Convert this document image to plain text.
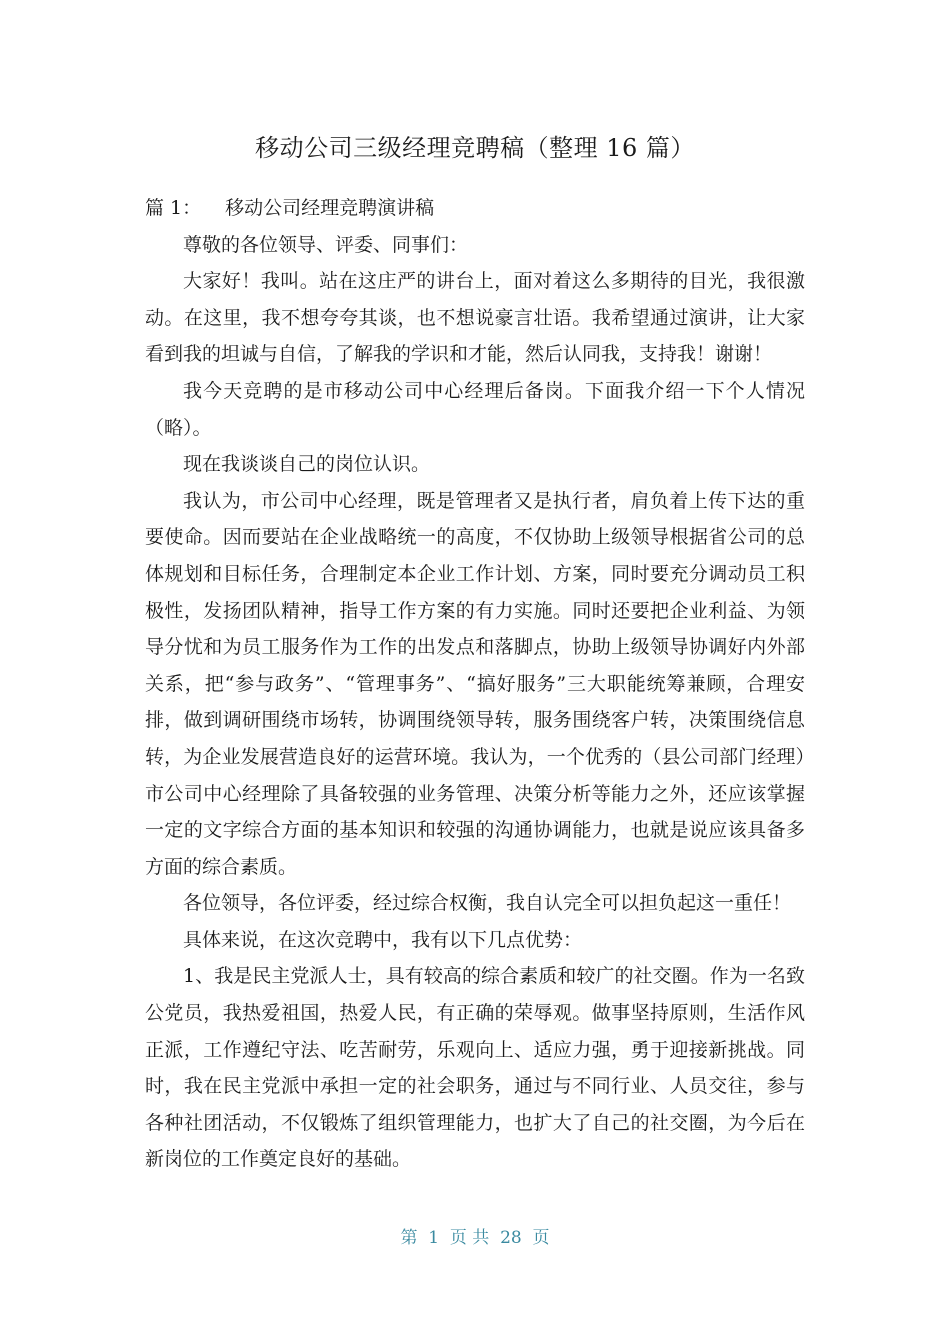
移动公司三级经理竞聘稿（整理 16 篇）

篇 1： 移动公司经理竞聘演讲稿

尊敬的各位领导、评委、同事们：

大家好！我叫。站在这庄严的讲台上，面对着这么多期待的目光，我很激动。在这里，我不想夸夸其谈，也不想说豪言壮语。我希望通过演讲，让大家看到我的坦诚与自信，了解我的学识和才能，然后认同我，支持我！谢谢！

我今天竞聘的是市移动公司中心经理后备岗。下面我介绍一下个人情况（略）。

现在我谈谈自己的岗位认识。

我认为，市公司中心经理，既是管理者又是执行者，肩负着上传下达的重要使命。因而要站在企业战略统一的高度，不仅协助上级领导根据省公司的总体规划和目标任务，合理制定本企业工作计划、方案，同时要充分调动员工积极性，发扬团队精神，指导工作方案的有力实施。同时还要把企业利益、为领导分忧和为员工服务作为工作的出发点和落脚点，协助上级领导协调好内外部关系，把“参与政务”、“管理事务”、“搞好服务”三大职能统筹兼顾，合理安排，做到调研围绕市场转，协调围绕领导转，服务围绕客户转，决策围绕信息转，为企业发展营造良好的运营环境。我认为，一个优秀的（县公司部门经理）市公司中心经理除了具备较强的业务管理、决策分析等能力之外，还应该掌握一定的文字综合方面的基本知识和较强的沟通协调能力，也就是说应该具备多方面的综合素质。

各位领导，各位评委，经过综合权衡，我自认完全可以担负起这一重任！

具体来说，在这次竞聘中，我有以下几点优势：

1、我是民主党派人士，具有较高的综合素质和较广的社交圈。作为一名致公党员，我热爱祖国，热爱人民，有正确的荣辱观。做事坚持原则，生活作风正派，工作遵纪守法、吃苦耐劳，乐观向上、适应力强，勇于迎接新挑战。同时，我在民主党派中承担一定的社会职务，通过与不同行业、人员交往，参与各种社团活动，不仅锻炼了组织管理能力，也扩大了自己的社交圈，为今后在新岗位的工作奠定良好的基础。

第  1  页 共  28  页
